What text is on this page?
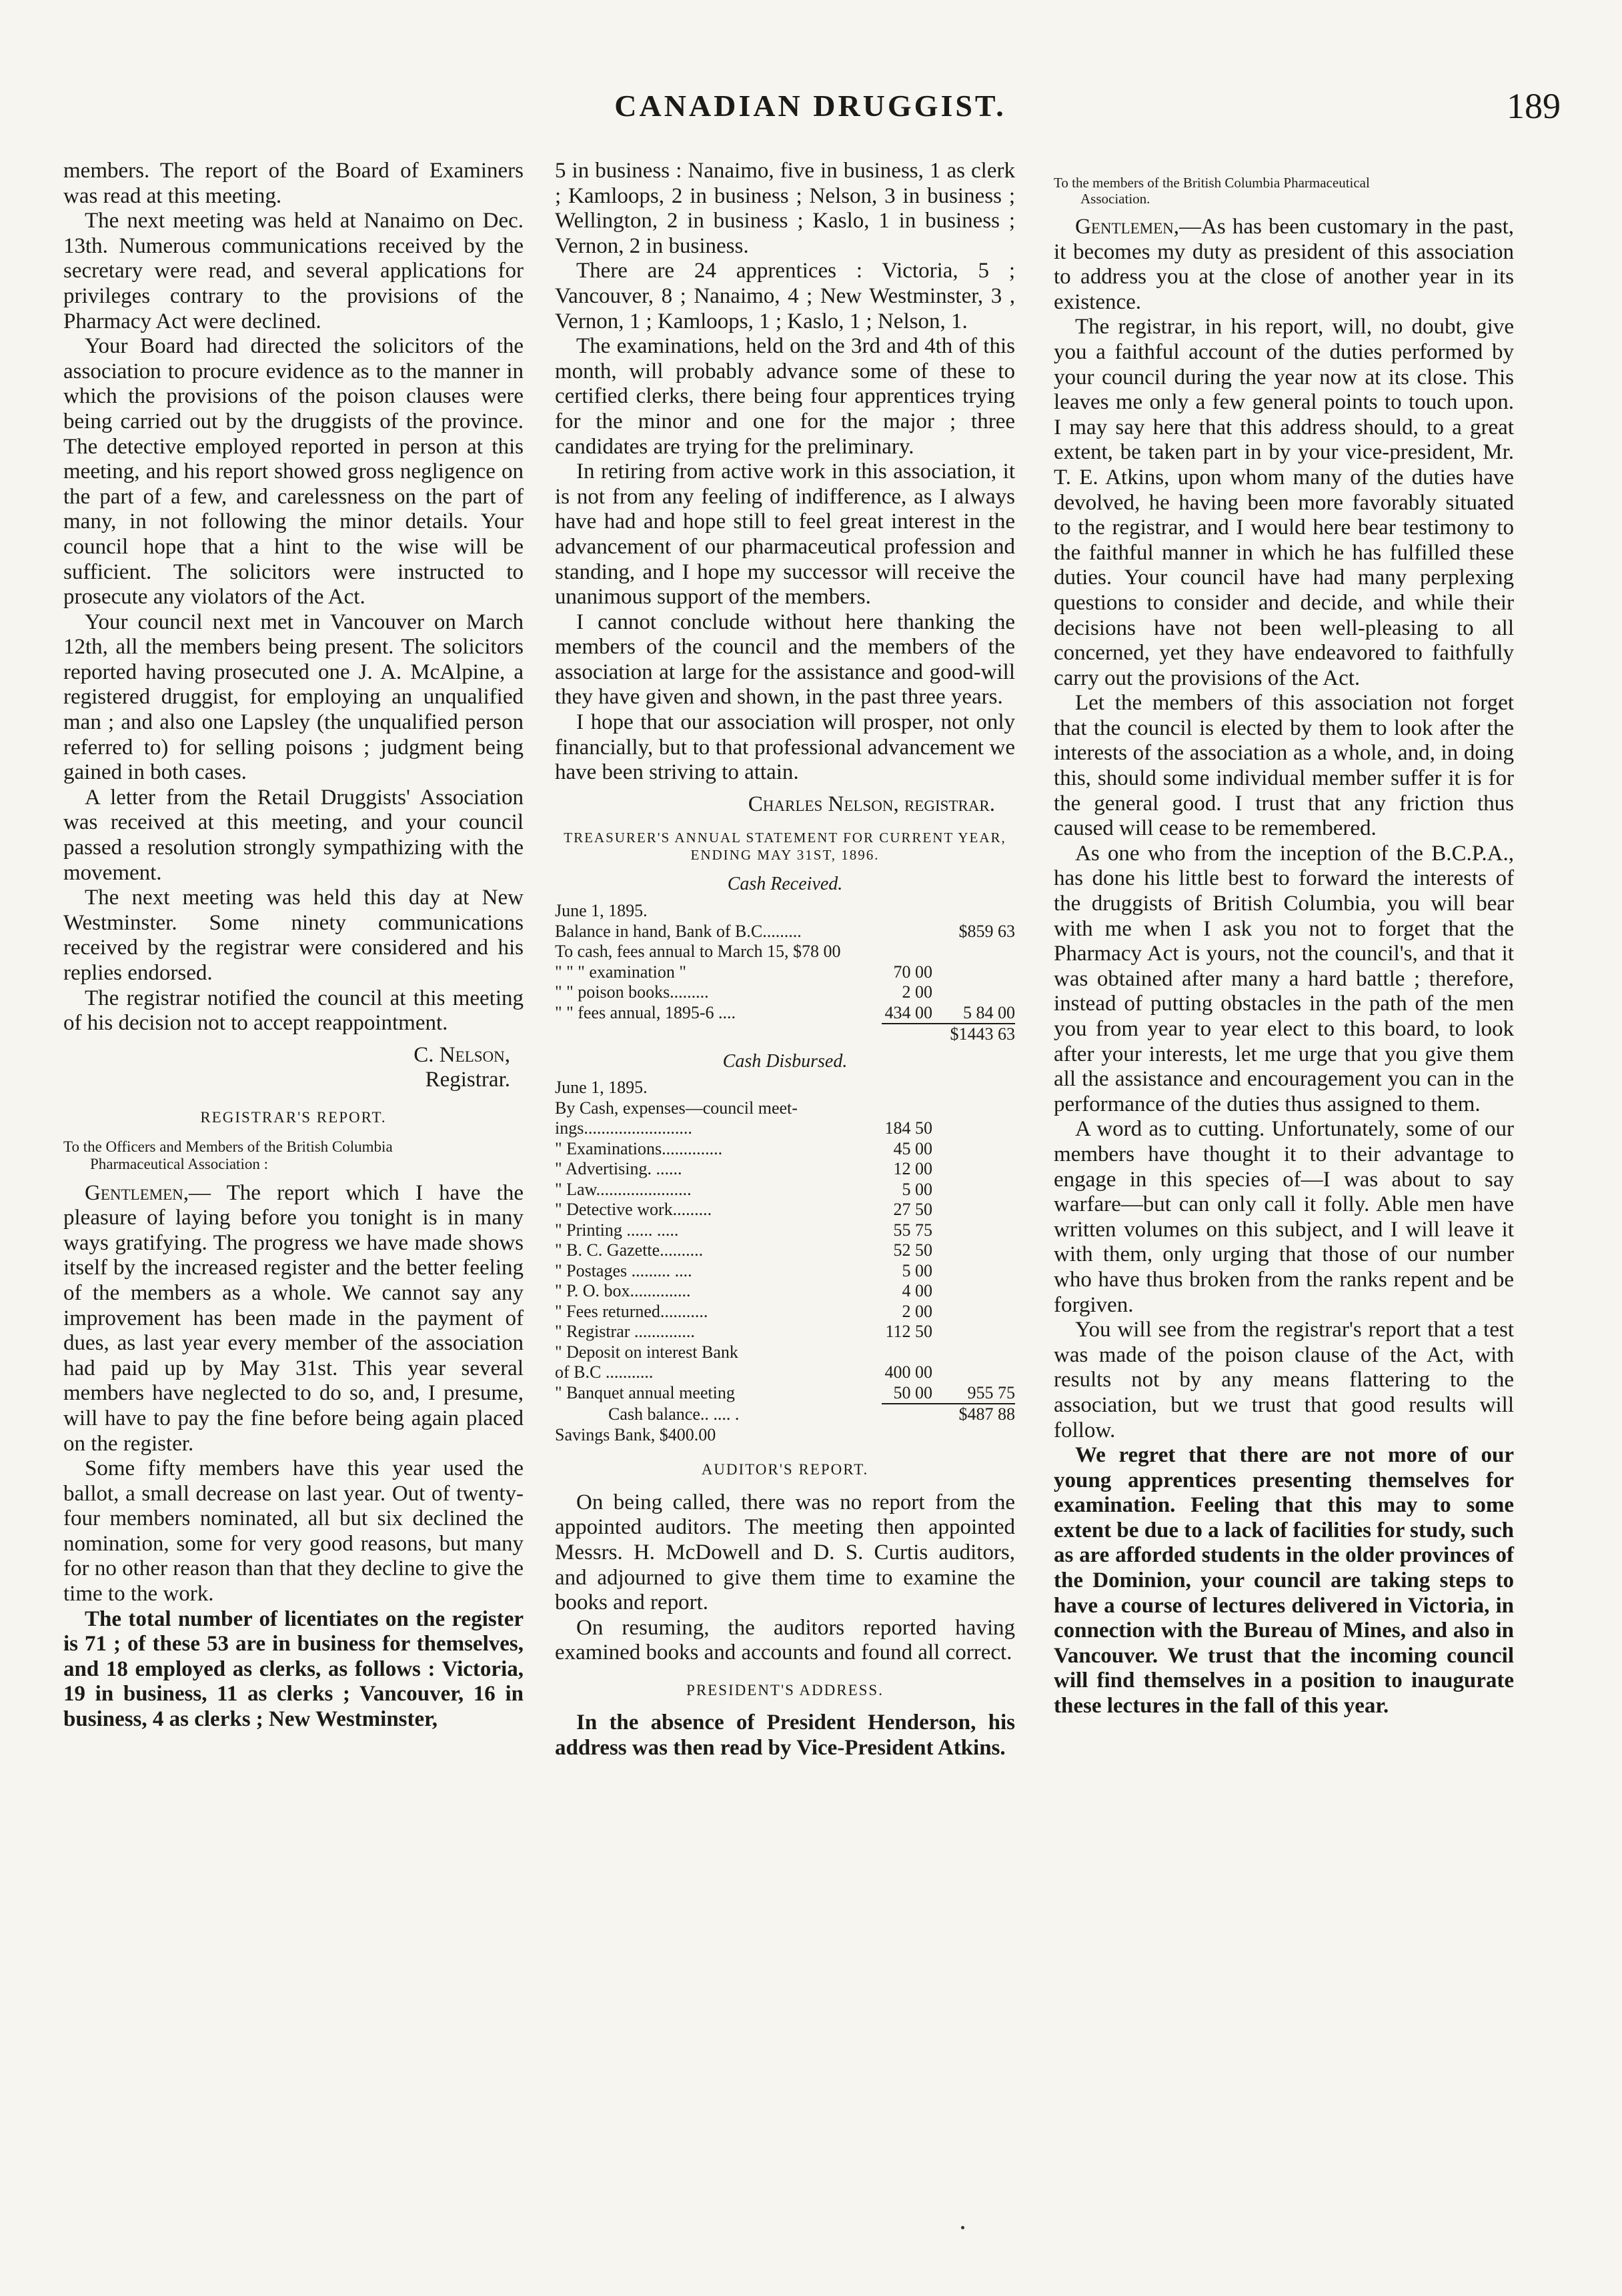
CANADIAN DRUGGIST.	189

members. The report of the Board of Examiners was read at this meeting.

The next meeting was held at Nanaimo on Dec. 13th. Numerous communications received by the secretary were read, and several applications for privileges contrary to the provisions of the Pharmacy Act were declined.

Your Board had directed the solicitors of the association to procure evidence as to the manner in which the provisions of the poison clauses were being carried out by the druggists of the province. The detective employed reported in person at this meeting, and his report showed gross negligence on the part of a few, and carelessness on the part of many, in not following the minor details. Your council hope that a hint to the wise will be sufficient. The solicitors were instructed to prosecute any violators of the Act.

Your council next met in Vancouver on March 12th, all the members being present. The solicitors reported having prosecuted one J. A. McAlpine, a registered druggist, for employing an unqualified man ; and also one Lapsley (the unqualified person referred to) for selling poisons ; judgment being gained in both cases.

A letter from the Retail Druggists' Association was received at this meeting, and your council passed a resolution strongly sympathizing with the movement.

The next meeting was held this day at New Westminster. Some ninety communications received by the registrar were considered and his replies endorsed.

The registrar notified the council at this meeting of his decision not to accept reappointment.

C. Nelson,
Registrar.
REGISTRAR'S REPORT.
To the Officers and Members of the British Columbia
Pharmaceutical Association :

Gentlemen,— The report which I have the pleasure of laying before you tonight is in many ways gratifying. The progress we have made shows itself by the increased register and the better feeling of the members as a whole. We cannot say any improvement has been made in the payment of dues, as last year every member of the association had paid up by May 31st. This year several members have neglected to do so, and, I presume, will have to pay the fine before being again placed on the register.

Some fifty members have this year used the ballot, a small decrease on last year. Out of twenty-four members nominated, all but six declined the nomination, some for very good reasons, but many for no other reason than that they decline to give the time to the work.

The total number of licentiates on the register is 71 ; of these 53 are in business for themselves, and 18 employed as clerks, as follows : Victoria, 19 in business, 11 as clerks ; Vancouver, 16 in business, 4 as clerks ; New Westminster,

5 in business : Nanaimo, five in business, 1 as clerk ; Kamloops, 2 in business ; Nelson, 3 in business ; Wellington, 2 in business ; Kaslo, 1 in business ; Vernon, 2 in business.

There are 24 apprentices : Victoria, 5 ; Vancouver, 8 ; Nanaimo, 4 ; New Westminster, 3 , Vernon, 1 ; Kamloops, 1 ; Kaslo, 1 ; Nelson, 1.

The examinations, held on the 3rd and 4th of this month, will probably advance some of these to certified clerks, there being four apprentices trying for the minor and one for the major ; three candidates are trying for the preliminary.

In retiring from active work in this association, it is not from any feeling of indifference, as I always have had and hope still to feel great interest in the advancement of our pharmaceutical profession and standing, and I hope my successor will receive the unanimous support of the members.

I cannot conclude without here thanking the members of the council and the members of the association at large for the assistance and good-will they have given and shown, in the past three years.

I hope that our association will prosper, not only financially, but to that professional advancement we have been striving to attain.

Charles Nelson, registrar.
TREASURER'S ANNUAL STATEMENT FOR CURRENT YEAR, ENDING MAY 31ST, 1896.
Cash Received.
June 1, 1895.
Balance in hand, Bank of B.C.........	$859 63
To cash, fees annual to March 15, $78 00
" " " examination "	70 00
" " poison books.........	2 00
" " fees annual, 1895-6 ....	434 00	5 84 00
$1443 63
Cash Disbursed.
June 1, 1895.
By Cash, expenses—council meet-
ings.........................	184 50
" Examinations..............	45 00
" Advertising. ......	12 00
" Law......................	5 00
" Detective work.........	27 50
" Printing ...... .....	55 75
" B. C. Gazette..........	52 50
" Postages ......... ....	5 00
" P. O. box..............	4 00
" Fees returned...........	2 00
" Registrar ..............	112 50
" Deposit on interest Bank
of B.C ...........	400 00
" Banquet annual meeting	50 00	955 75
Cash balance.. .... .	$487 88
Savings Bank, $400.00
AUDITOR'S REPORT.

On being called, there was no report from the appointed auditors. The meeting then appointed Messrs. H. McDowell and D. S. Curtis auditors, and adjourned to give them time to examine the books and report.

On resuming, the auditors reported having examined books and accounts and found all correct.

PRESIDENT'S ADDRESS.

In the absence of President Henderson, his address was then read by Vice-President Atkins.

To the members of the British Columbia Pharmaceutical
Association.

Gentlemen,—As has been customary in the past, it becomes my duty as president of this association to address you at the close of another year in its existence.

The registrar, in his report, will, no doubt, give you a faithful account of the duties performed by your council during the year now at its close. This leaves me only a few general points to touch upon. I may say here that this address should, to a great extent, be taken part in by your vice-president, Mr. T. E. Atkins, upon whom many of the duties have devolved, he having been more favorably situated to the registrar, and I would here bear testimony to the faithful manner in which he has fulfilled these duties. Your council have had many perplexing questions to consider and decide, and while their decisions have not been well-pleasing to all concerned, yet they have endeavored to faithfully carry out the provisions of the Act.

Let the members of this association not forget that the council is elected by them to look after the interests of the association as a whole, and, in doing this, should some individual member suffer it is for the general good. I trust that any friction thus caused will cease to be remembered.

As one who from the inception of the B.C.P.A., has done his little best to forward the interests of the druggists of British Columbia, you will bear with me when I ask you not to forget that the Pharmacy Act is yours, not the council's, and that it was obtained after many a hard battle ; therefore, instead of putting obstacles in the path of the men you from year to year elect to this board, to look after your interests, let me urge that you give them all the assistance and encouragement you can in the performance of the duties thus assigned to them.

A word as to cutting. Unfortunately, some of our members have thought it to their advantage to engage in this species of—I was about to say warfare—but can only call it folly. Able men have written volumes on this subject, and I will leave it with them, only urging that those of our number who have thus broken from the ranks repent and be forgiven.

You will see from the registrar's report that a test was made of the poison clause of the Act, with results not by any means flattering to the association, but we trust that good results will follow.

We regret that there are not more of our young apprentices presenting themselves for examination. Feeling that this may to some extent be due to a lack of facilities for study, such as are afforded students in the older provinces of the Dominion, your council are taking steps to have a course of lectures delivered in Victoria, in connection with the Bureau of Mines, and also in Vancouver. We trust that the incoming council will find themselves in a position to inaugurate these lectures in the fall of this year.
